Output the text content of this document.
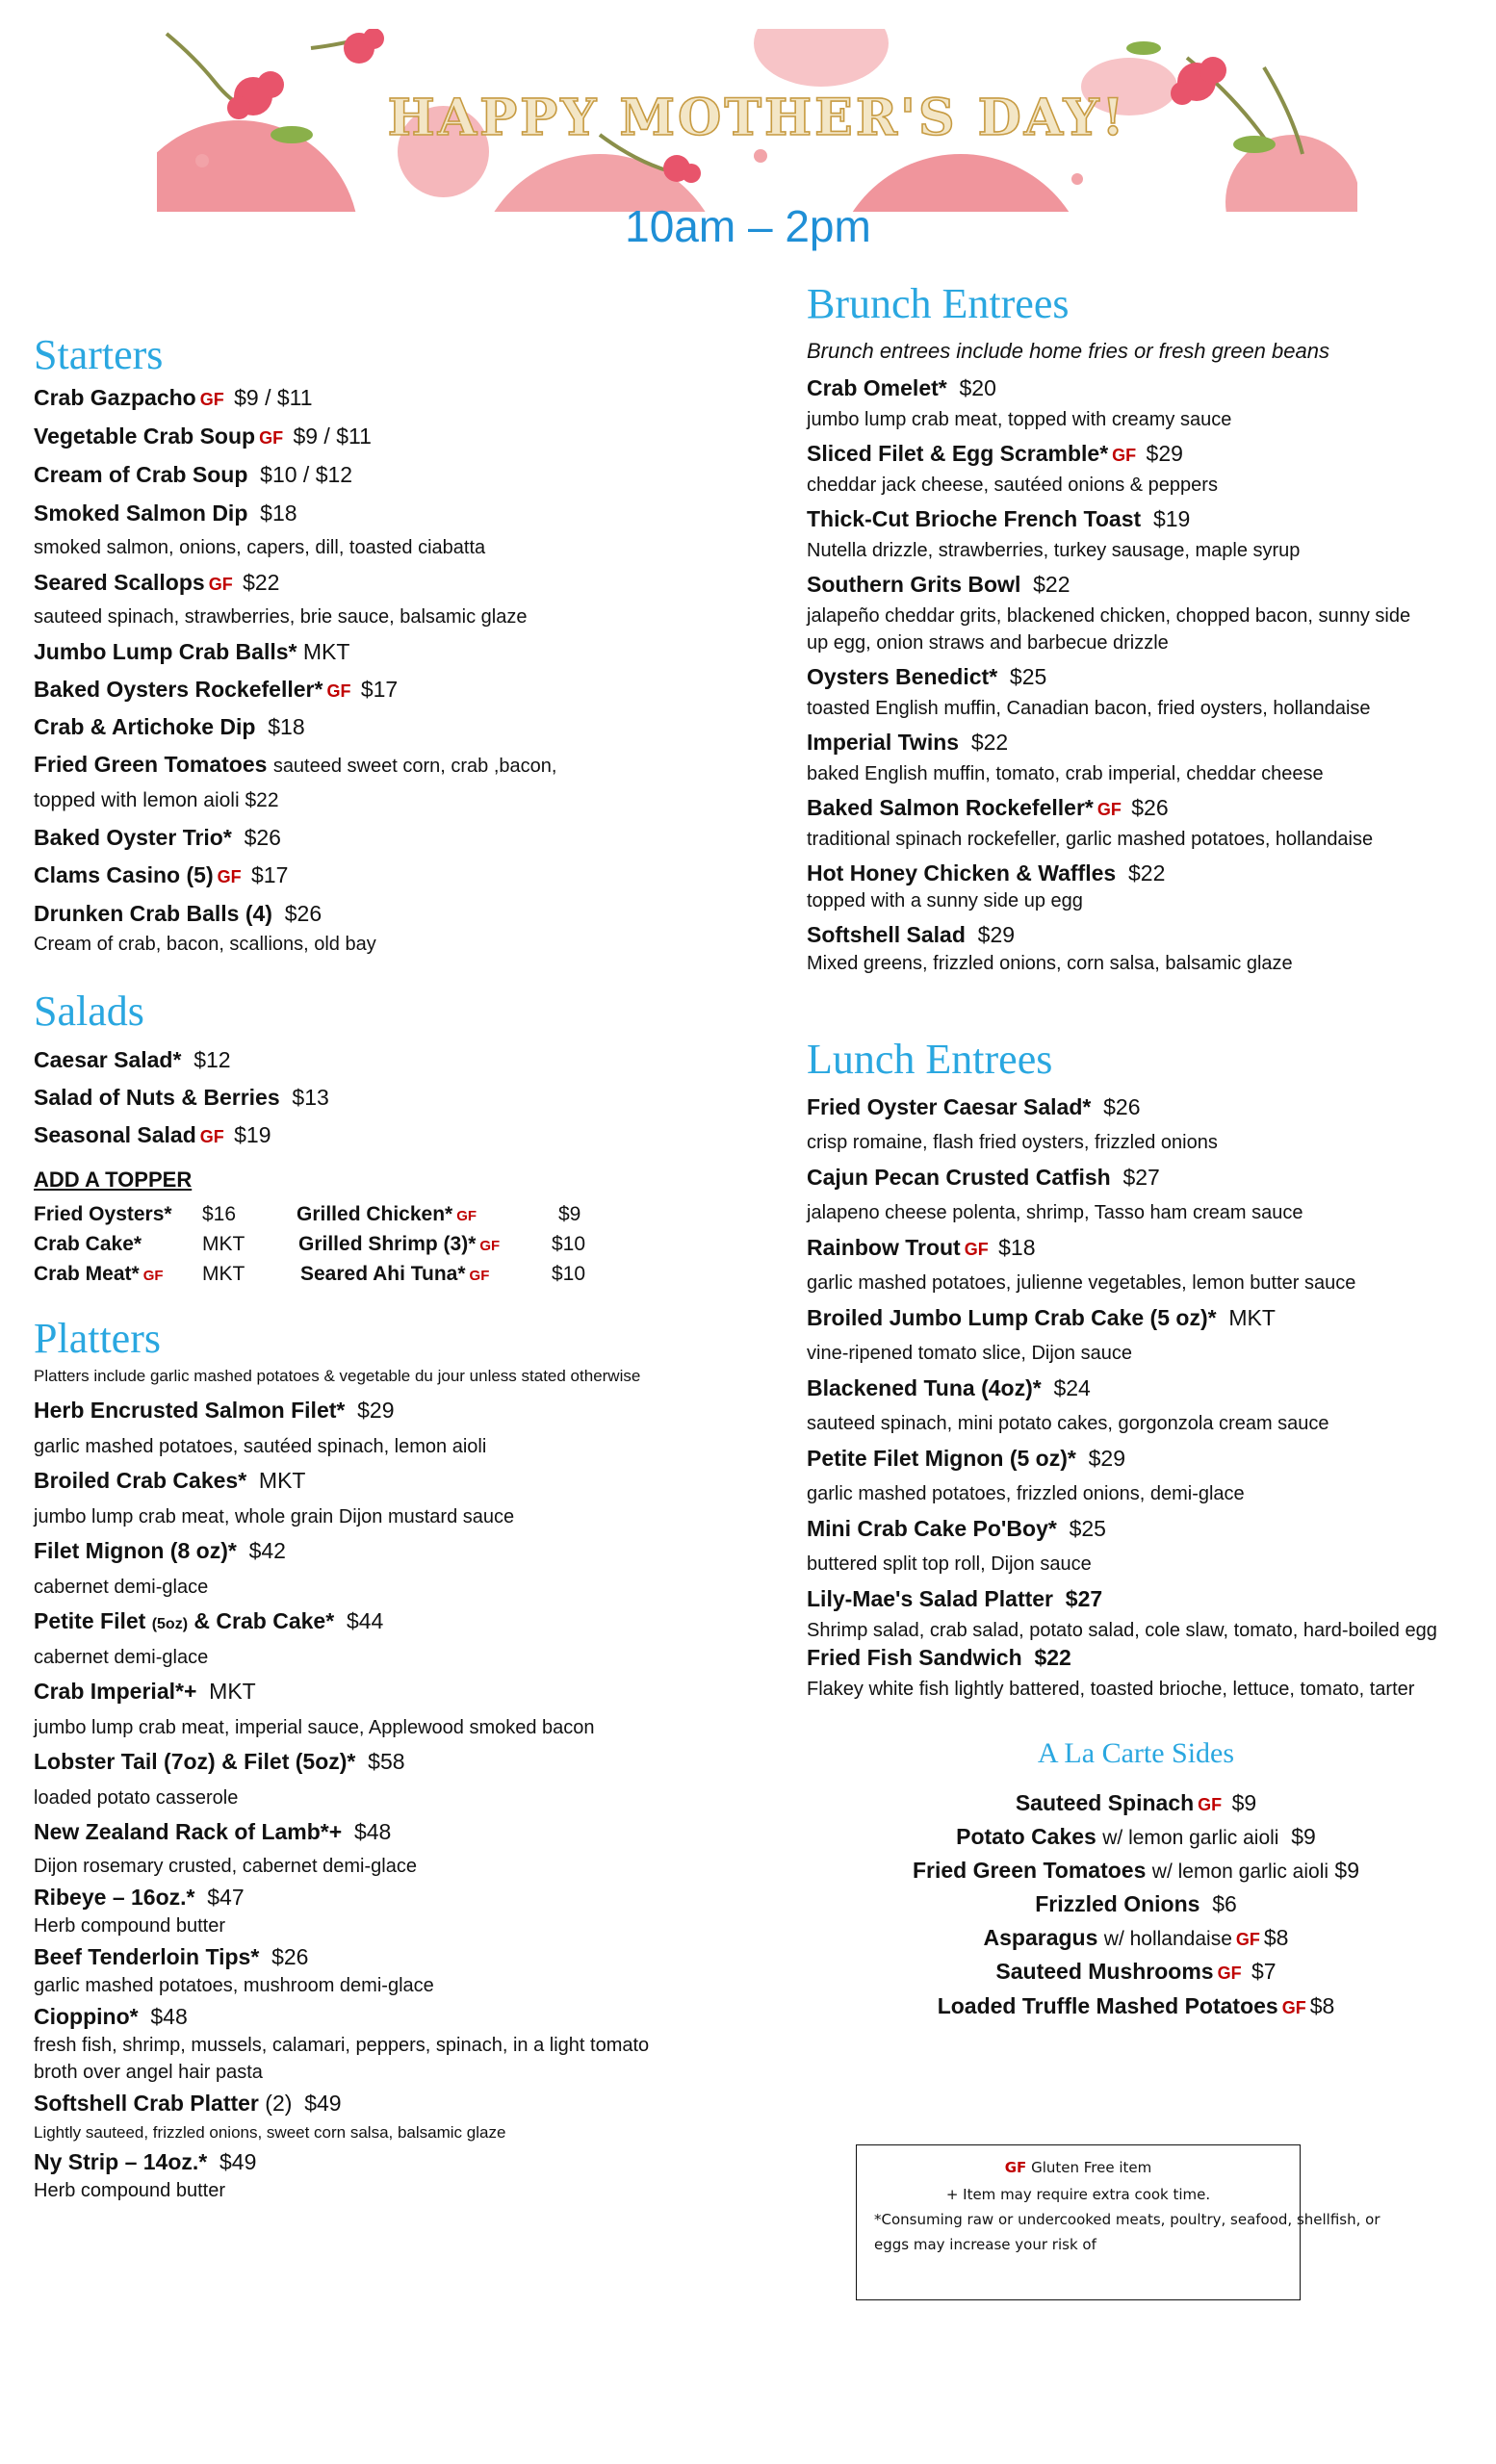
HAPPY MOTHER'S DAY!
10am – 2pm
Starters
Crab Gazpacho GF $9 / $11
Vegetable Crab Soup GF $9 / $11
Cream of Crab Soup $10 / $12
Smoked Salmon Dip $18
smoked salmon, onions, capers, dill, toasted ciabatta
Seared Scallops GF $22
sauteed spinach, strawberries, brie sauce, balsamic glaze
Jumbo Lump Crab Balls* MKT
Baked Oysters Rockefeller* GF $17
Crab & Artichoke Dip $18
Fried Green Tomatoes sauteed sweet corn, crab ,bacon,
topped with lemon aioli $22
Baked Oyster Trio* $26
Clams Casino (5) GF $17
Drunken Crab Balls (4) $26
Cream of crab, bacon, scallions, old bay
Salads
Caesar Salad* $12
Salad of Nuts & Berries $13
Seasonal Salad GF $19
ADD A TOPPER
Fried Oysters* $16	Grilled Chicken* GF	$9
Crab Cake*	MKT	Grilled Shrimp (3)* GF	$10
Crab Meat* GF MKT	Seared Ahi Tuna* GF	$10
Platters
Platters include garlic mashed potatoes & vegetable du jour unless stated otherwise
Herb Encrusted Salmon Filet* $29
garlic mashed potatoes, sautéed spinach, lemon aioli
Broiled Crab Cakes* MKT
jumbo lump crab meat, whole grain Dijon mustard sauce
Filet Mignon (8 oz)* $42
cabernet demi-glace
Petite Filet (5oz) & Crab Cake* $44
cabernet demi-glace
Crab Imperial*+ MKT
jumbo lump crab meat, imperial sauce, Applewood smoked bacon
Lobster Tail (7oz) & Filet (5oz)* $58
loaded potato casserole
New Zealand Rack of Lamb*+ $48
Dijon rosemary crusted, cabernet demi-glace
Ribeye – 16oz.* $47
Herb compound butter
Beef Tenderloin Tips* $26
garlic mashed potatoes, mushroom demi-glace
Cioppino* $48
fresh fish, shrimp, mussels, calamari, peppers, spinach, in a light tomato
broth over angel hair pasta
Softshell Crab Platter (2) $49
Lightly sauteed, frizzled onions, sweet corn salsa, balsamic glaze
Ny Strip – 14oz.* $49
Herb compound butter
Brunch Entrees
Brunch entrees include home fries or fresh green beans
Crab Omelet* $20
jumbo lump crab meat, topped with creamy sauce
Sliced Filet & Egg Scramble* GF $29
cheddar jack cheese, sautéed onions & peppers
Thick-Cut Brioche French Toast $19
Nutella drizzle, strawberries, turkey sausage, maple syrup
Southern Grits Bowl $22
jalapeño cheddar grits, blackened chicken, chopped bacon, sunny side
up egg, onion straws and barbecue drizzle
Oysters Benedict* $25
toasted English muffin, Canadian bacon, fried oysters, hollandaise
Imperial Twins $22
baked English muffin, tomato, crab imperial, cheddar cheese
Baked Salmon Rockefeller* GF $26
traditional spinach rockefeller, garlic mashed potatoes, hollandaise
Hot Honey Chicken & Waffles $22
topped with a sunny side up egg
Softshell Salad $29
Mixed greens, frizzled onions, corn salsa, balsamic glaze
Lunch Entrees
Fried Oyster Caesar Salad* $26
crisp romaine, flash fried oysters, frizzled onions
Cajun Pecan Crusted Catfish $27
jalapeno cheese polenta, shrimp, Tasso ham cream sauce
Rainbow Trout GF $18
garlic mashed potatoes, julienne vegetables, lemon butter sauce
Broiled Jumbo Lump Crab Cake (5 oz)* MKT
vine-ripened tomato slice, Dijon sauce
Blackened Tuna (4oz)* $24
sauteed spinach, mini potato cakes, gorgonzola cream sauce
Petite Filet Mignon (5 oz)* $29
garlic mashed potatoes, frizzled onions, demi-glace
Mini Crab Cake Po'Boy* $25
buttered split top roll, Dijon sauce
Lily-Mae's Salad Platter $27
Shrimp salad, crab salad, potato salad, cole slaw, tomato, hard-boiled egg
Fried Fish Sandwich $22
Flakey white fish lightly battered, toasted brioche, lettuce, tomato, tarter
A La Carte Sides
Sauteed Spinach GF $9
Potato Cakes w/ lemon garlic aioli $9
Fried Green Tomatoes w/ lemon garlic aioli $9
Frizzled Onions $6
Asparagus w/ hollandaise GF $8
Sauteed Mushrooms GF $7
Loaded Truffle Mashed Potatoes GF $8
GF Gluten Free item
+ Item may require extra cook time.
*Consuming raw or undercooked meats, poultry, seafood, shellfish, or
eggs may increase your risk of
